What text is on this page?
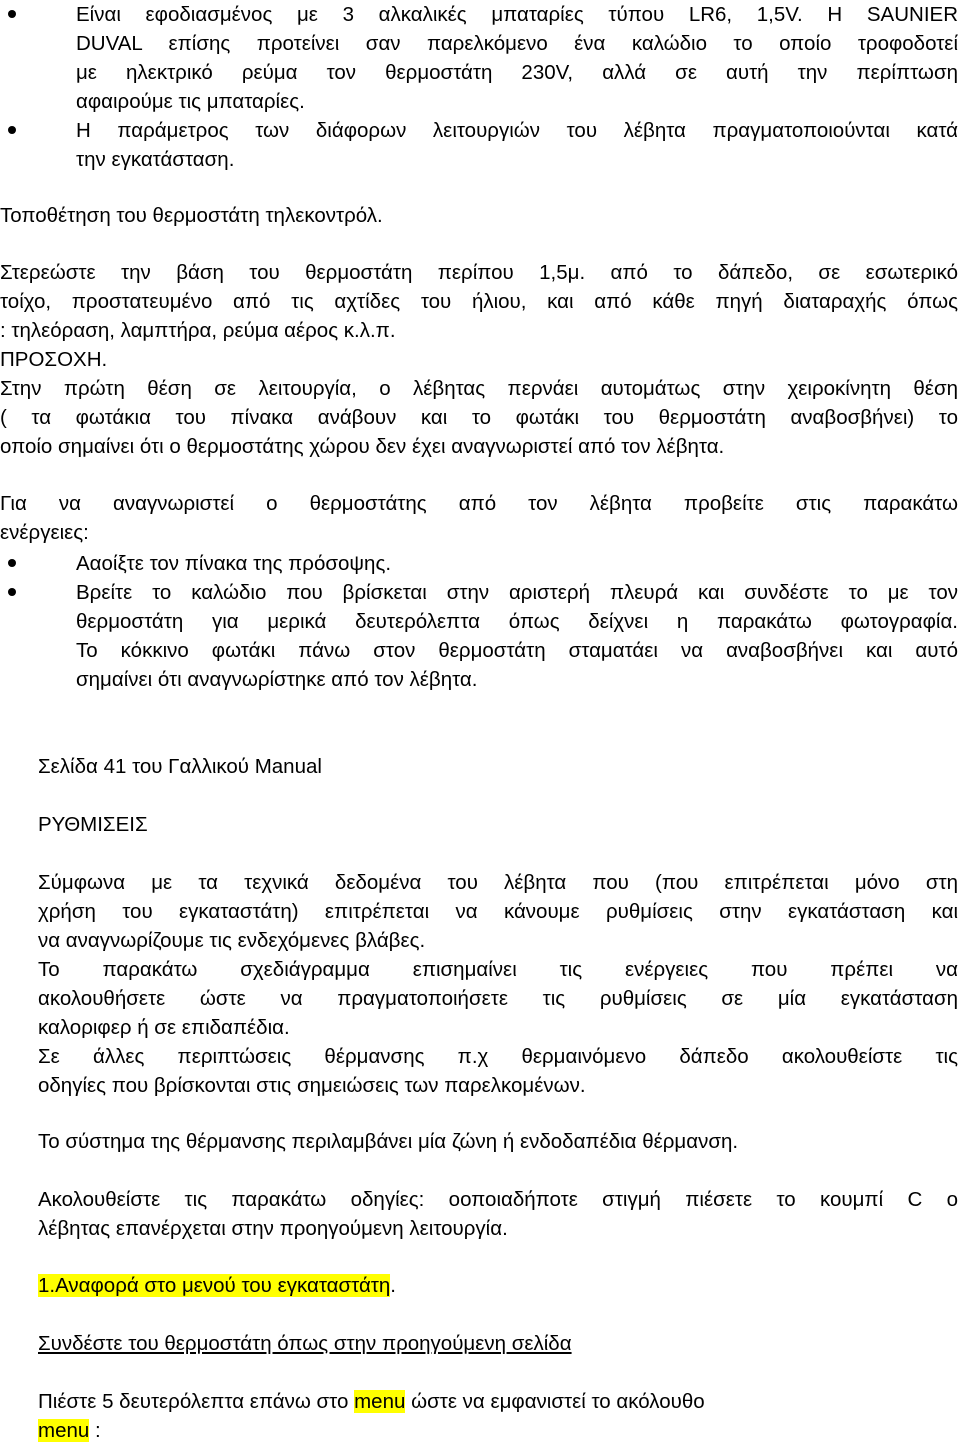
Είναι εφοδιασμένος με 3 αλκαλικές μπαταρίες τύπου LR6, 1,5V. Η SAUNIER
DUVAL επίσης προτείνει σαν παρελκόμενο ένα καλώδιο το οποίο τροφοδοτεί
με ηλεκτρικό ρεύμα τον θερμοστάτη 230V, αλλά σε αυτή την περίπτωση
αφαιρούμε τις μπαταρίες.
Η παράμετρος των διάφορων λειτουργιών του λέβητα πραγματοποιούνται κατά
την εγκατάσταση.
Τοποθέτηση του θερμοστάτη τηλεκοντρόλ.
Στερεώστε την βάση του θερμοστάτη περίπου 1,5μ. από το δάπεδο, σε εσωτερικό
τοίχο, προστατευμένο από τις αχτίδες του ήλιου, και από κάθε πηγή διαταραχής όπως
: τηλεόραση, λαμπτήρα, ρεύμα αέρος κ.λ.π.
ΠΡΟΣΟΧΗ.
Στην πρώτη θέση σε λειτουργία, ο λέβητας περνάει αυτομάτως στην χειροκίνητη θέση
( τα φωτάκια του πίνακα ανάβουν και το φωτάκι του θερμοστάτη αναβοσβήνει) το
οποίο σημαίνει ότι ο θερμοστάτης χώρου δεν έχει αναγνωριστεί από τον λέβητα.
Για να αναγνωριστεί ο θερμοστάτης από τον λέβητα προβείτε στις παρακάτω
ενέργειες:
Ααοίξτε τον πίνακα της πρόσοψης.
Βρείτε το καλώδιο που βρίσκεται στην αριστερή πλευρά και συνδέστε το με τον
θερμοστάτη για μερικά δευτερόλεπτα όπως δείχνει η παρακάτω φωτογραφία.
Το κόκκινο φωτάκι πάνω στον θερμοστάτη σταματάει να αναβοσβήνει και αυτό
σημαίνει ότι αναγνωρίστηκε από τον λέβητα.
Σελίδα 41 του Γαλλικού Manual
ΡΥΘΜΙΣΕΙΣ
Σύμφωνα με τα τεχνικά δεδομένα του λέβητα που (που επιτρέπεται μόνο στη
χρήση του εγκαταστάτη) επιτρέπεται να κάνουμε ρυθμίσεις στην εγκατάσταση και
να αναγνωρίζουμε τις ενδεχόμενες βλάβες.
Το παρακάτω σχεδιάγραμμα επισημαίνει τις ενέργειες που πρέπει να
ακολουθήσετε ώστε να πραγματοποιήσετε τις ρυθμίσεις σε μία εγκατάσταση
καλοριφερ ή σε επιδαπέδια.
Σε άλλες περιπτώσεις θέρμανσης π.χ θερμαινόμενο δάπεδο ακολουθείστε τις
οδηγίες που βρίσκονται στις σημειώσεις των παρελκομένων.
Το σύστημα της θέρμανσης περιλαμβάνει μία ζώνη ή ενδοδαπέδια θέρμανση.
Ακολουθείστε τις παρακάτω οδηγίες: οοποιαδήποτε στιγμή πιέσετε το κουμπί C ο
λέβητας επανέρχεται στην προηγούμενη λειτουργία.
1.Αναφορά στο μενού του εγκαταστάτη.
Συνδέστε του θερμοστάτη όπως στην προηγούμενη σελίδα
Πιέστε 5 δευτερόλεπτα επάνω στο menu ώστε να εμφανιστεί το ακόλουθο
menu :
